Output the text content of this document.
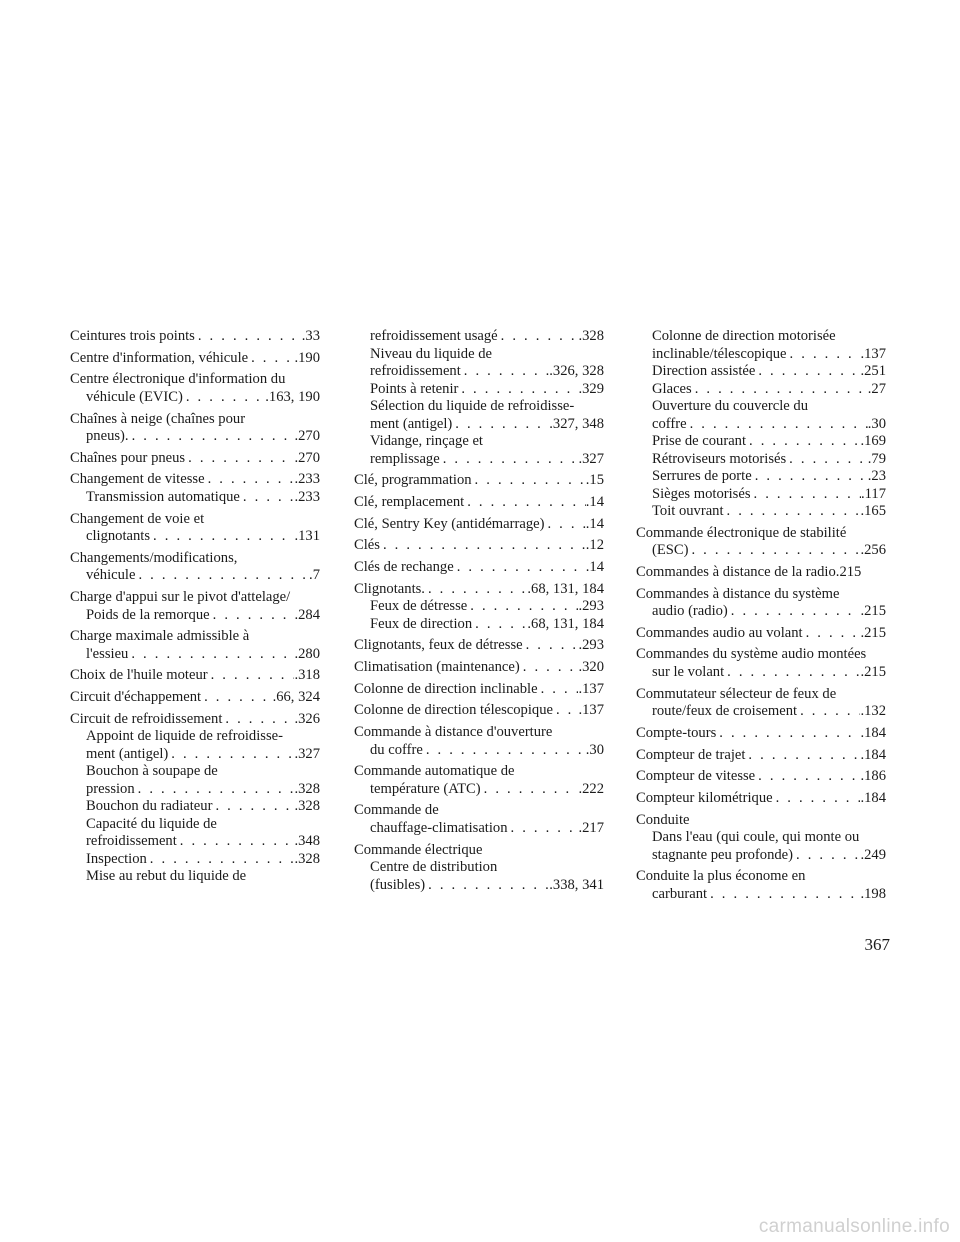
Ceintures trois points . . .	.33
Centre d'information, véhicule . . .	.190
Centre électronique d'information du
véhicule (EVIC) . . .	.163, 190
Chaînes à neige (chaînes pour
pneus). . . .	.270
Chaînes pour pneus . . .	.270
Changement de vitesse . . .	.233
Transmission automatique . . .	.233
Changement de voie et
clignotants . . .	.131
Changements/modifications,
véhicule . . .	.7
Charge d'appui sur le pivot d'attelage/
Poids de la remorque . . .	.284
Charge maximale admissible à
l'essieu . . .	.280
Choix de l'huile moteur . . .	.318
Circuit d'échappement . . .	.66, 324
Circuit de refroidissement . . .	.326
Appoint de liquide de refroidisse-
ment (antigel) . . .	.327
Bouchon à soupape de
pression . . .	.328
Bouchon du radiateur . . .	.328
Capacité du liquide de
refroidissement . . .	.348
Inspection . . .	.328
Mise au rebut du liquide de
refroidissement usagé . . .	.328
Niveau du liquide de
refroidissement . . .	.326, 328
Points à retenir . . .	.329
Sélection du liquide de refroidisse-
ment (antigel) . . .	.327, 348
Vidange, rinçage et
remplissage . . .	.327
Clé, programmation . . .	.15
Clé, remplacement . . .	.14
Clé, Sentry Key (antidémarrage) . . .	.14
Clés . . .	.12
Clés de rechange . . .	.14
Clignotants. . . .	.68, 131, 184
Feux de détresse . . .	.293
Feux de direction . . .	.68, 131, 184
Clignotants, feux de détresse . . .	.293
Climatisation (maintenance) . . .	.320
Colonne de direction inclinable . . .	.137
Colonne de direction télescopique . . . .137
Commande à distance d'ouverture
du coffre . . .	.30
Commande automatique de
température (ATC) . . .	.222
Commande de
chauffage-climatisation . . .	.217
Commande électrique
Centre de distribution
(fusibles) . . .	.338, 341
Colonne de direction motorisée
inclinable/télescopique . . .	.137
Direction assistée . . .	.251
Glaces . . .	.27
Ouverture du couvercle du
coffre . . .	.30
Prise de courant . . .	.169
Rétroviseurs motorisés . . .	.79
Serrures de porte . . .	.23
Sièges motorisés . . .	.117
Toit ouvrant . . .	.165
Commande électronique de stabilité
(ESC) . . .	.256
Commandes à distance de la radio. 215
Commandes à distance du système
audio (radio) . . .	.215
Commandes audio au volant . . .	.215
Commandes du système audio montées
sur le volant . . .	.215
Commutateur sélecteur de feux de
route/feux de croisement . . .	.132
Compte-tours . . .	.184
Compteur de trajet . . .	.184
Compteur de vitesse . . .	.186
Compteur kilométrique . . .	.184
Conduite
Dans l'eau (qui coule, qui monte ou
stagnante peu profonde) . . .	.249
Conduite la plus économe en
carburant . . .	.198
367
carmanualsonline.info
